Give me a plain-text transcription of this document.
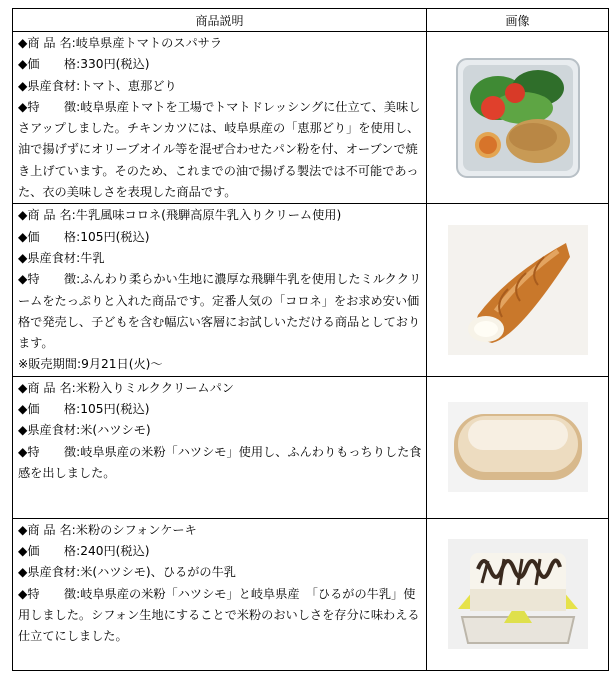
商品説明	画像

◆商 品 名:岐阜県産トマトのスパサラ
◆価　　格:330円(税込)
◆県産食材:トマト、恵那どり
◆特　　徴:岐阜県産トマトを工場でトマトドレッシングに仕立て、美味しさアップしました。チキンカツには、岐阜県産の「恵那どり」を使用し、油で揚げずにオリーブオイル等を混ぜ合わせたパン粉を付、オーブンで焼き上げています。そのため、これまでの油で揚げる製法では不可能であった、衣の美味しさを表現した商品です。

◆商 品 名:牛乳風味コロネ(飛騨高原牛乳入りクリーム使用)
◆価　　格:105円(税込)
◆県産食材:牛乳
◆特　　徴:ふんわり柔らかい生地に濃厚な飛騨牛乳を使用したミルククリームをたっぷりと入れた商品です。定番人気の「コロネ」をお求め安い価格で発売し、子どもを含む幅広い客層にお試しいただける商品としております。
※販売期間:9月21日(火)～

◆商 品 名:米粉入りミルククリームパン
◆価　　格:105円(税込)
◆県産食材:米(ハツシモ)
◆特　　徴:岐阜県産の米粉「ハツシモ」使用し、ふんわりもっちりした食感を出しました。

◆商 品 名:米粉のシフォンケーキ
◆価　　格:240円(税込)
◆県産食材:米(ハツシモ)、ひるがの牛乳
◆特　　徴:岐阜県産の米粉「ハツシモ」と岐阜県産　「ひるがの牛乳」使用しました。シフォン生地にすることで米粉のおいしさを存分に味わえる仕立てにしました。
